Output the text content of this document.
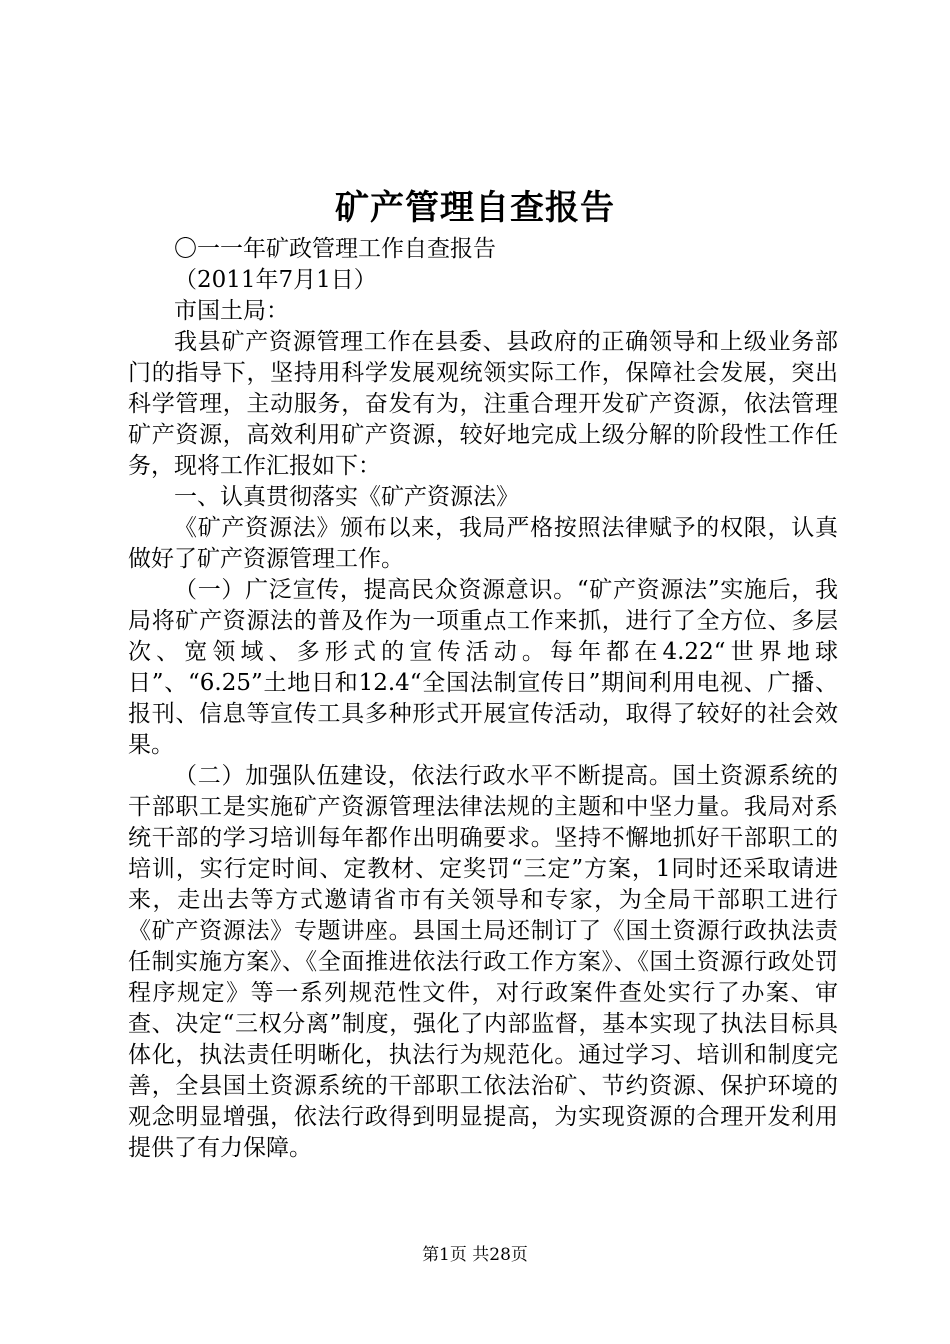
矿产管理自查报告

〇一一年矿政管理工作自查报告

（2011年7月1日）

市国土局：

我县矿产资源管理工作在县委、县政府的正确领导和上级业务部门的指导下，坚持用科学发展观统领实际工作，保障社会发展，突出科学管理，主动服务，奋发有为，注重合理开发矿产资源，依法管理矿产资源，高效利用矿产资源，较好地完成上级分解的阶段性工作任务，现将工作汇报如下：

一、认真贯彻落实《矿产资源法》

《矿产资源法》颁布以来，我局严格按照法律赋予的权限，认真做好了矿产资源管理工作。

（一）广泛宣传，提高民众资源意识。“矿产资源法”实施后，我局将矿产资源法的普及作为一项重点工作来抓，进行了全方位、多层次、宽领域、多形式的宣传活动。每年都在4.22“世界地球日”、“6.25”土地日和12.4“全国法制宣传日”期间利用电视、广播、报刊、信息等宣传工具多种形式开展宣传活动，取得了较好的社会效果。

（二）加强队伍建设，依法行政水平不断提高。国土资源系统的干部职工是实施矿产资源管理法律法规的主题和中坚力量。我局对系统干部的学习培训每年都作出明确要求。坚持不懈地抓好干部职工的培训，实行定时间、定教材、定奖罚“三定”方案，1同时还采取请进来，走出去等方式邀请省市有关领导和专家，为全局干部职工进行《矿产资源法》专题讲座。县国土局还制订了《国土资源行政执法责任制实施方案》、《全面推进依法行政工作方案》、《国土资源行政处罚程序规定》等一系列规范性文件，对行政案件查处实行了办案、审查、决定“三权分离”制度，强化了内部监督，基本实现了执法目标具体化，执法责任明晰化，执法行为规范化。通过学习、培训和制度完善，全县国土资源系统的干部职工依法治矿、节约资源、保护环境的观念明显增强，依法行政得到明显提高，为实现资源的合理开发利用提供了有力保障。

第1页 共28页
